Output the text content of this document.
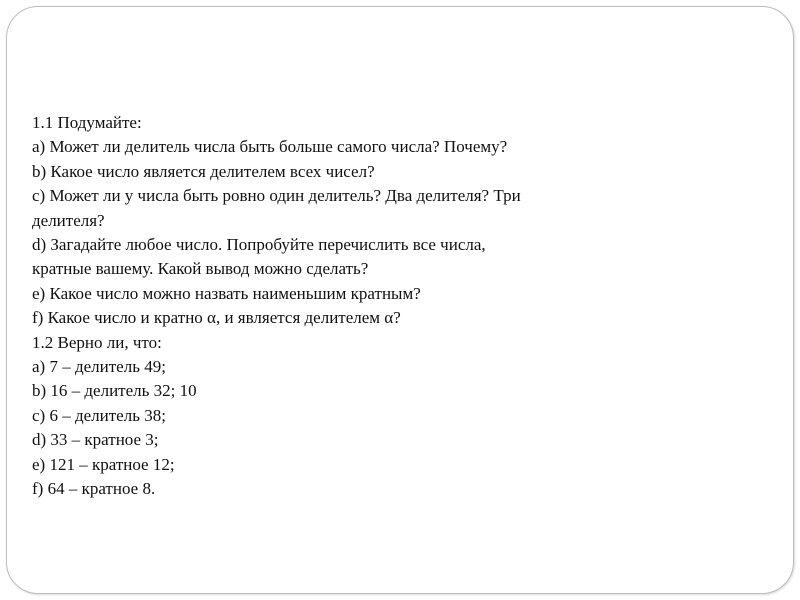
1.1 Подумайте:
a) Может ли делитель числа быть больше самого числа? Почему?
b) Какое число является делителем всех чисел?
c) Может ли у числа быть ровно один делитель? Два делителя? Три
делителя?
d) Загадайте любое число. Попробуйте перечислить все числа,
кратные вашему. Какой вывод можно сделать?
e) Какое число можно назвать наименьшим кратным?
f) Какое число и кратно α, и является делителем α?
1.2 Верно ли, что:
a) 7 – делитель 49;
b) 16 – делитель 32; 10
c) 6 – делитель 38;
d) 33 – кратное 3;
e) 121 – кратное 12;
f) 64 – кратное 8.
